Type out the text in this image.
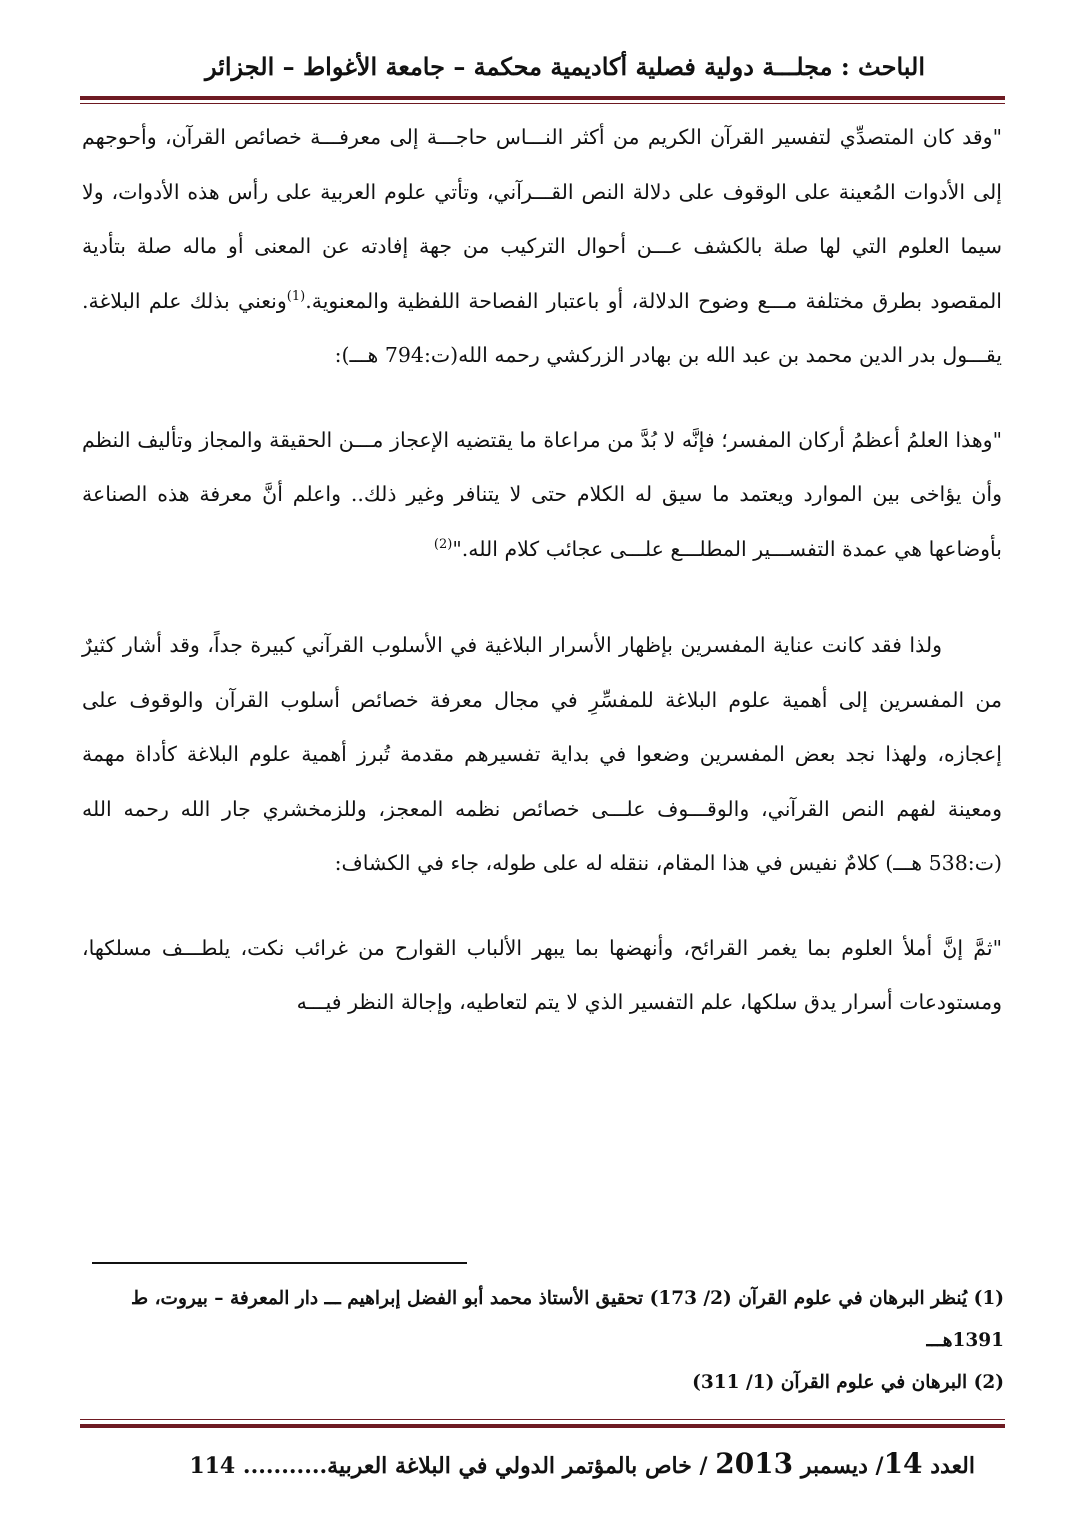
الباحث : مجلـــة دولية فصلية أكاديمية محكمة – جامعة الأغواط – الجزائر

"وقد كان المتصدِّي لتفسير القرآن الكريم من أكثر النـــاس حاجـــة إلى معرفـــة خصائص القرآن، وأحوجهم إلى الأدوات المُعينة على الوقوف على دلالة النص القـــرآني، وتأتي علوم العربية على رأس هذه الأدوات، ولا سيما العلوم التي لها صلة بالكشف عـــن أحوال التركيب من جهة إفادته عن المعنى أو ماله صلة بتأدية المقصود بطرق مختلفة مـــع وضوح الدلالة، أو باعتبار الفصاحة اللفظية والمعنوية.$^{(1)}$ونعني بذلك علم البلاغة. يقـــول بدر الدين محمد بن عبد الله بن بهادر الزركشي رحمه الله(ت:794 هـــ):

"وهذا العلمُ أعظمُ أركان المفسر؛ فإنَّه لا بُدَّ من مراعاة ما يقتضيه الإعجاز مـــن الحقيقة والمجاز وتأليف النظم وأن يؤاخى بين الموارد ويعتمد ما سيق له الكلام حتى لا يتنافر وغير ذلك.. واعلم أنَّ معرفة هذه الصناعة بأوضاعها هي عمدة التفســـير المطلـــع علـــى عجائب كلام الله."$^{(2)}$

ولذا فقد كانت عناية المفسرين بإظهار الأسرار البلاغية في الأسلوب القرآني كبيرة جداً، وقد أشار كثيرٌ من المفسرين إلى أهمية علوم البلاغة للمفسِّرِ في مجال معرفة خصائص أسلوب القرآن والوقوف على إعجازه، ولهذا نجد بعض المفسرين وضعوا في بداية تفسيرهم مقدمة تُبرز أهمية علوم البلاغة كأداة مهمة ومعينة لفهم النص القرآني، والوقـــوف علـــى خصائص نظمه المعجز، وللزمخشري جار الله رحمه الله (ت:538 هـــ) كلامٌ نفيس في هذا المقام، ننقله له على طوله، جاء في الكشاف:

"ثمَّ إنَّ أملأ العلوم بما يغمر القرائح، وأنهضها بما يبهر الألباب القوارح من غرائب نكت، يلطـــف مسلكها، ومستودعات أسرار يدق سلكها، علم التفسير الذي لا يتم لتعاطيه، وإجالة النظر فيـــه

(1) يُنظر البرهان في علوم القرآن (2/ 173) تحقيق الأستاذ محمد أبو الفضل إبراهيم ـــ دار المعرفة – بيروت، ط 1391هـــ

(2) البرهان في علوم القرآن (1/ 311)

العدد 14/ ديسمبر 2013 / خاص بالمؤتمر الدولي في البلاغة العربية........... 114
